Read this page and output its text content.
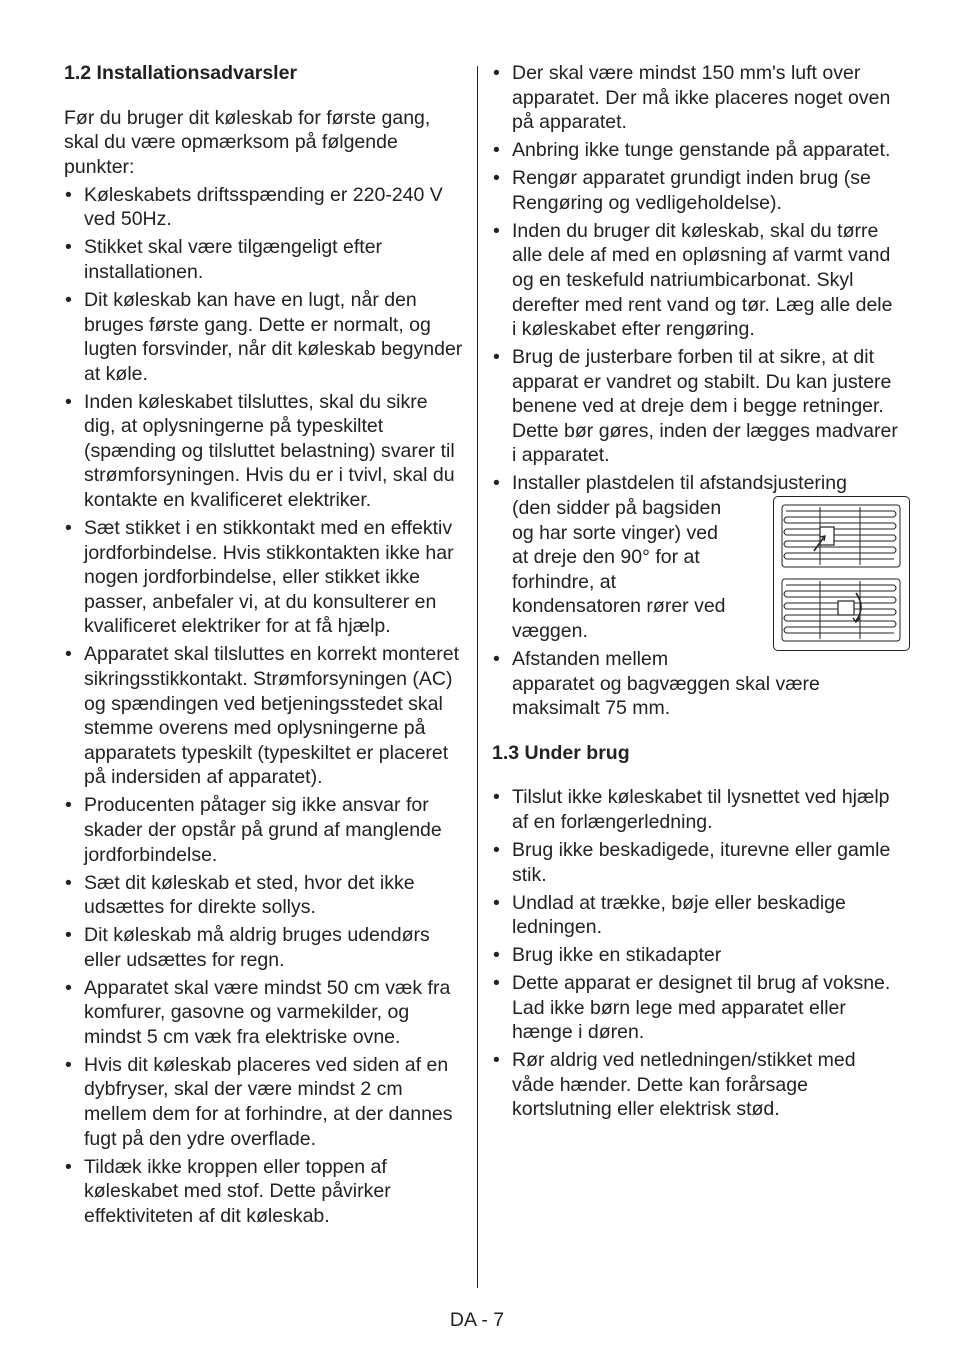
1.2 Installationsadvarsler

Før du bruger dit køleskab for første gang, skal du være opmærksom på følgende punkter:

• Køleskabets driftsspænding er 220-240 V ved 50Hz.
• Stikket skal være tilgængeligt efter installationen.
• Dit køleskab kan have en lugt, når den bruges første gang. Dette er normalt, og lugten forsvinder, når dit køleskab begynder at køle.
• Inden køleskabet tilsluttes, skal du sikre dig, at oplysningerne på typeskiltet (spænding og tilsluttet belastning) svarer til strømforsyningen. Hvis du er i tvivl, skal du kontakte en kvalificeret elektriker.
• Sæt stikket i en stikkontakt med en effektiv jordforbindelse. Hvis stikkontakten ikke har nogen jordforbindelse, eller stikket ikke passer, anbefaler vi, at du konsulterer en kvalificeret elektriker for at få hjælp.
• Apparatet skal tilsluttes en korrekt monteret sikringsstikkontakt. Strømforsyningen (AC) og spændingen ved betjeningsstedet skal stemme overens med oplysningerne på apparatets typeskilt (typeskiltet er placeret på indersiden af apparatet).
• Producenten påtager sig ikke ansvar for skader der opstår på grund af manglende jordforbindelse.
• Sæt dit køleskab et sted, hvor det ikke udsættes for direkte sollys.
• Dit køleskab må aldrig bruges udendørs eller udsættes for regn.
• Apparatet skal være mindst 50 cm væk fra komfurer, gasovne og varmekilder, og mindst 5 cm væk fra elektriske ovne.
• Hvis dit køleskab placeres ved siden af en dybfryser, skal der være mindst 2 cm mellem dem for at forhindre, at der dannes fugt på den ydre overflade.
• Tildæk ikke kroppen eller toppen af køleskabet med stof. Dette påvirker effektiviteten af dit køleskab.
• Der skal være mindst 150 mm's luft over apparatet. Der må ikke placeres noget oven på apparatet.
• Anbring ikke tunge genstande på apparatet.
• Rengør apparatet grundigt inden brug (se Rengøring og vedligeholdelse).
• Inden du bruger dit køleskab, skal du tørre alle dele af med en opløsning af varmt vand og en teskefuld natriumbicarbonat. Skyl derefter med rent vand og tør. Læg alle dele i køleskabet efter rengøring.
• Brug de justerbare forben til at sikre, at dit apparat er vandret og stabilt. Du kan justere benene ved at dreje dem i begge retninger. Dette bør gøres, inden der lægges madvarer i apparatet.
• Installer plastdelen til afstandsjustering
(den sidder på bagsiden
og har sorte vinger) ved
at dreje den 90° for at
forhindre, at
kondensatoren rører ved
væggen.
• Afstanden mellem
apparatet og bagvæggen skal være maksimalt 75 mm.
1.3 Under brug
• Tilslut ikke køleskabet til lysnettet ved hjælp af en forlængerledning.
• Brug ikke beskadigede, iturevne eller gamle stik.
• Undlad at trække, bøje eller beskadige ledningen.
• Brug ikke en stikadapter
• Dette apparat er designet til brug af voksne. Lad ikke børn lege med apparatet eller hænge i døren.
• Rør aldrig ved netledningen/stikket med våde hænder. Dette kan forårsage kortslutning eller elektrisk stød.
DA - 7
